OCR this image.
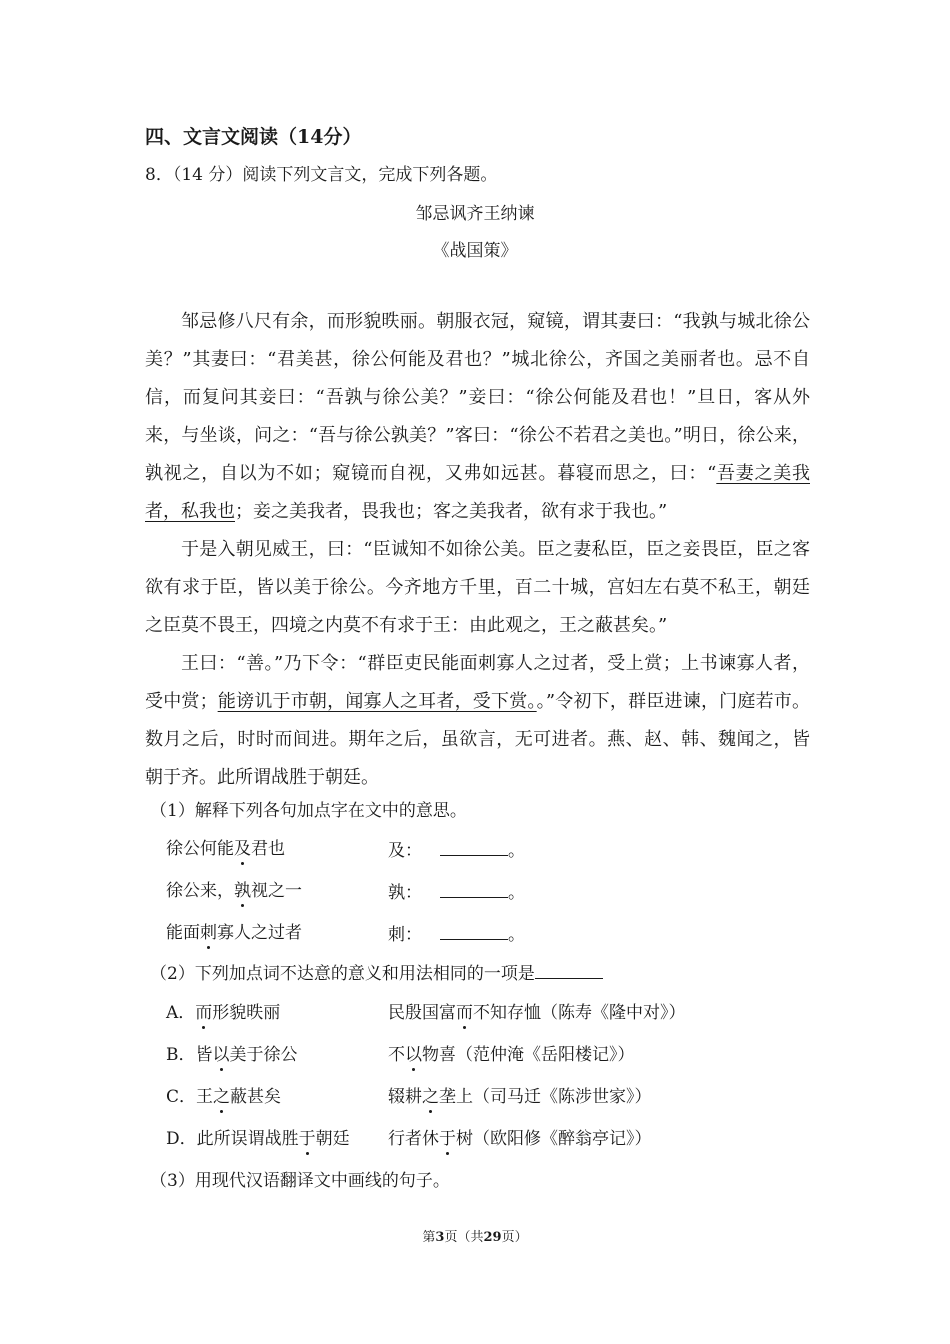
四、文言文阅读（14分）
8．（14 分）阅读下列文言文，完成下列各题。
邹忌讽齐王纳谏
《战国策》
邹忌修八尺有余，而形貌昳丽。朝服衣冠，窥镜，谓其妻曰：“我孰与城北徐公美？”其妻曰：“君美甚，徐公何能及君也？”城北徐公，齐国之美丽者也。忌不自信，而复问其妾曰：“吾孰与徐公美？”妾曰：“徐公何能及君也！”旦日，客从外来，与坐谈，问之：“吾与徐公孰美？”客曰：“徐公不若君之美也。”明日，徐公来，孰视之，自以为不如；窥镜而自视，又弗如远甚。暮寝而思之，曰：“吾妻之美我者，私我也；妾之美我者，畏我也；客之美我者，欲有求于我也。”
于是入朝见威王，曰：“臣诚知不如徐公美。臣之妻私臣，臣之妾畏臣，臣之客欲有求于臣，皆以美于徐公。今齐地方千里，百二十城，宫妇左右莫不私王，朝廷之臣莫不畏王，四境之内莫不有求于王：由此观之，王之蔽甚矣。”
王曰：“善。”乃下令：“群臣吏民能面刺寡人之过者，受上赏；上书谏寡人者，受中赏；能谤讥于市朝，闻寡人之耳者，受下赏。。”令初下，群臣进谏，门庭若市。数月之后，时时而间进。期年之后，虽欲言，无可进者。燕、赵、韩、魏闻之，皆朝于齐。此所谓战胜于朝廷。
（1）解释下列各句加点字在文中的意思。
徐公何能及君也	及：	。
徐公来，孰视之一	孰：	。
能面刺寡人之过者	刺：	。
（2）下列加点词不达意的意义和用法相同的一项是
A．而形貌昳丽	民殷国富而不知存恤（陈寿《隆中对》）
B．皆以美于徐公	不以物喜（范仲淹《岳阳楼记》）
C．王之蔽甚矣	辍耕之垄上（司马迁《陈涉世家》）
D．此所误谓战胜于朝廷 行者休于树（欧阳修《醉翁亭记》）
（3）用现代汉语翻译文中画线的句子。
第3页（共29页）
